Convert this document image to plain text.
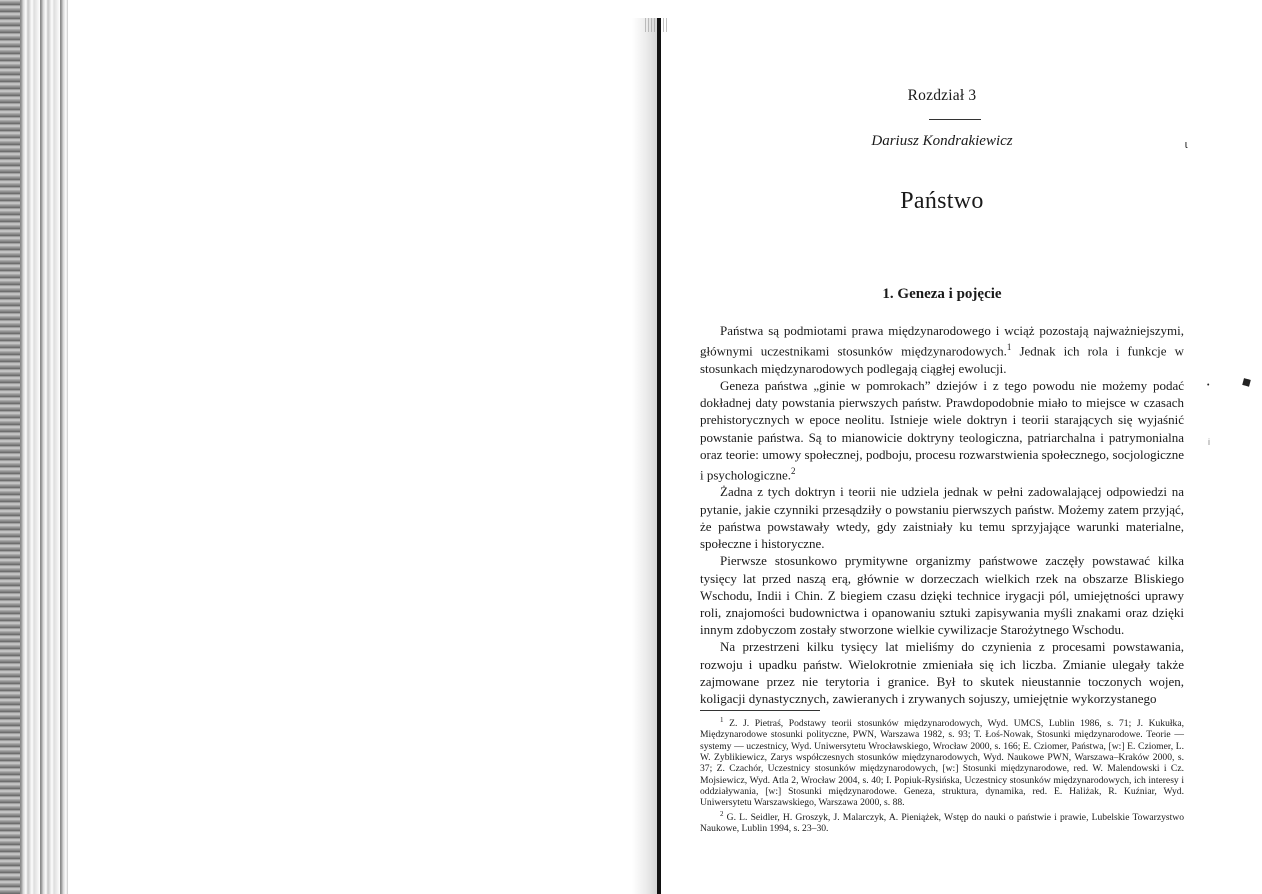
ɩ
◆
•
i
Rozdział 3
Dariusz Kondrakiewicz
Państwo
1. Geneza i pojęcie

Państwa są podmiotami prawa międzynarodowego i wciąż pozostają najważniejszymi, głównymi uczestnikami stosunków międzynarodowych.$^1$ Jednak ich rola i funkcje w stosunkach międzynarodowych podlegają ciągłej ewolucji.

Geneza państwa „ginie w pomrokach” dziejów i z tego powodu nie możemy podać dokładnej daty powstania pierwszych państw. Prawdopodobnie miało to miejsce w czasach prehistorycznych w epoce neolitu. Istnieje wiele doktryn i teorii starających się wyjaśnić powstanie państwa. Są to mianowicie doktryny teologiczna, patriarchalna i patrymonialna oraz teorie: umowy społecznej, podboju, procesu rozwarstwienia społecznego, socjologiczne i psychologiczne.$^2$

Żadna z tych doktryn i teorii nie udziela jednak w pełni zadowalającej odpowiedzi na pytanie, jakie czynniki przesądziły o powstaniu pierwszych państw. Możemy zatem przyjąć, że państwa powstawały wtedy, gdy zaistniały ku temu sprzyjające warunki materialne, społeczne i historyczne.

Pierwsze stosunkowo prymitywne organizmy państwowe zaczęły powstawać kilka tysięcy lat przed naszą erą, głównie w dorzeczach wielkich rzek na obszarze Bliskiego Wschodu, Indii i Chin. Z biegiem czasu dzięki technice irygacji pól, umiejętności uprawy roli, znajomości budownictwa i opanowaniu sztuki zapisywania myśli znakami oraz dzięki innym zdobyczom zostały stworzone wielkie cywilizacje Starożytnego Wschodu.

Na przestrzeni kilku tysięcy lat mieliśmy do czynienia z procesami powstawania, rozwoju i upadku państw. Wielokrotnie zmieniała się ich liczba. Zmianie ulegały także zajmowane przez nie terytoria i granice. Był to skutek nieustannie toczonych wojen, koligacji dynastycznych, zawieranych i zrywanych sojuszy, umiejętnie wykorzystanego

$^1$ Z. J. Pietraś, Podstawy teorii stosunków międzynarodowych, Wyd. UMCS, Lublin 1986, s. 71; J. Kukułka, Międzynarodowe stosunki polityczne, PWN, Warszawa 1982, s. 93; T. Łoś-Nowak, Stosunki międzynarodowe. Teorie — systemy — uczestnicy, Wyd. Uniwersytetu Wrocławskiego, Wrocław 2000, s. 166; E. Cziomer, Państwa, [w:] E. Cziomer, L. W. Zyblikiewicz, Zarys współczesnych stosunków międzynarodowych, Wyd. Naukowe PWN, Warszawa–Kraków 2000, s. 37; Z. Czachór, Uczestnicy stosunków międzynarodowych, [w:] Stosunki międzynarodowe, red. W. Malendowski i Cz. Mojsiewicz, Wyd. Atla 2, Wrocław 2004, s. 40; I. Popiuk-Rysińska, Uczestnicy stosunków międzynarodowych, ich interesy i oddziaływania, [w:] Stosunki międzynarodowe. Geneza, struktura, dynamika, red. E. Haliżak, R. Kuźniar, Wyd. Uniwersytetu Warszawskiego, Warszawa 2000, s. 88.

$^2$ G. L. Seidler, H. Groszyk, J. Malarczyk, A. Pieniążek, Wstęp do nauki o państwie i prawie, Lubelskie Towarzystwo Naukowe, Lublin 1994, s. 23–30.
